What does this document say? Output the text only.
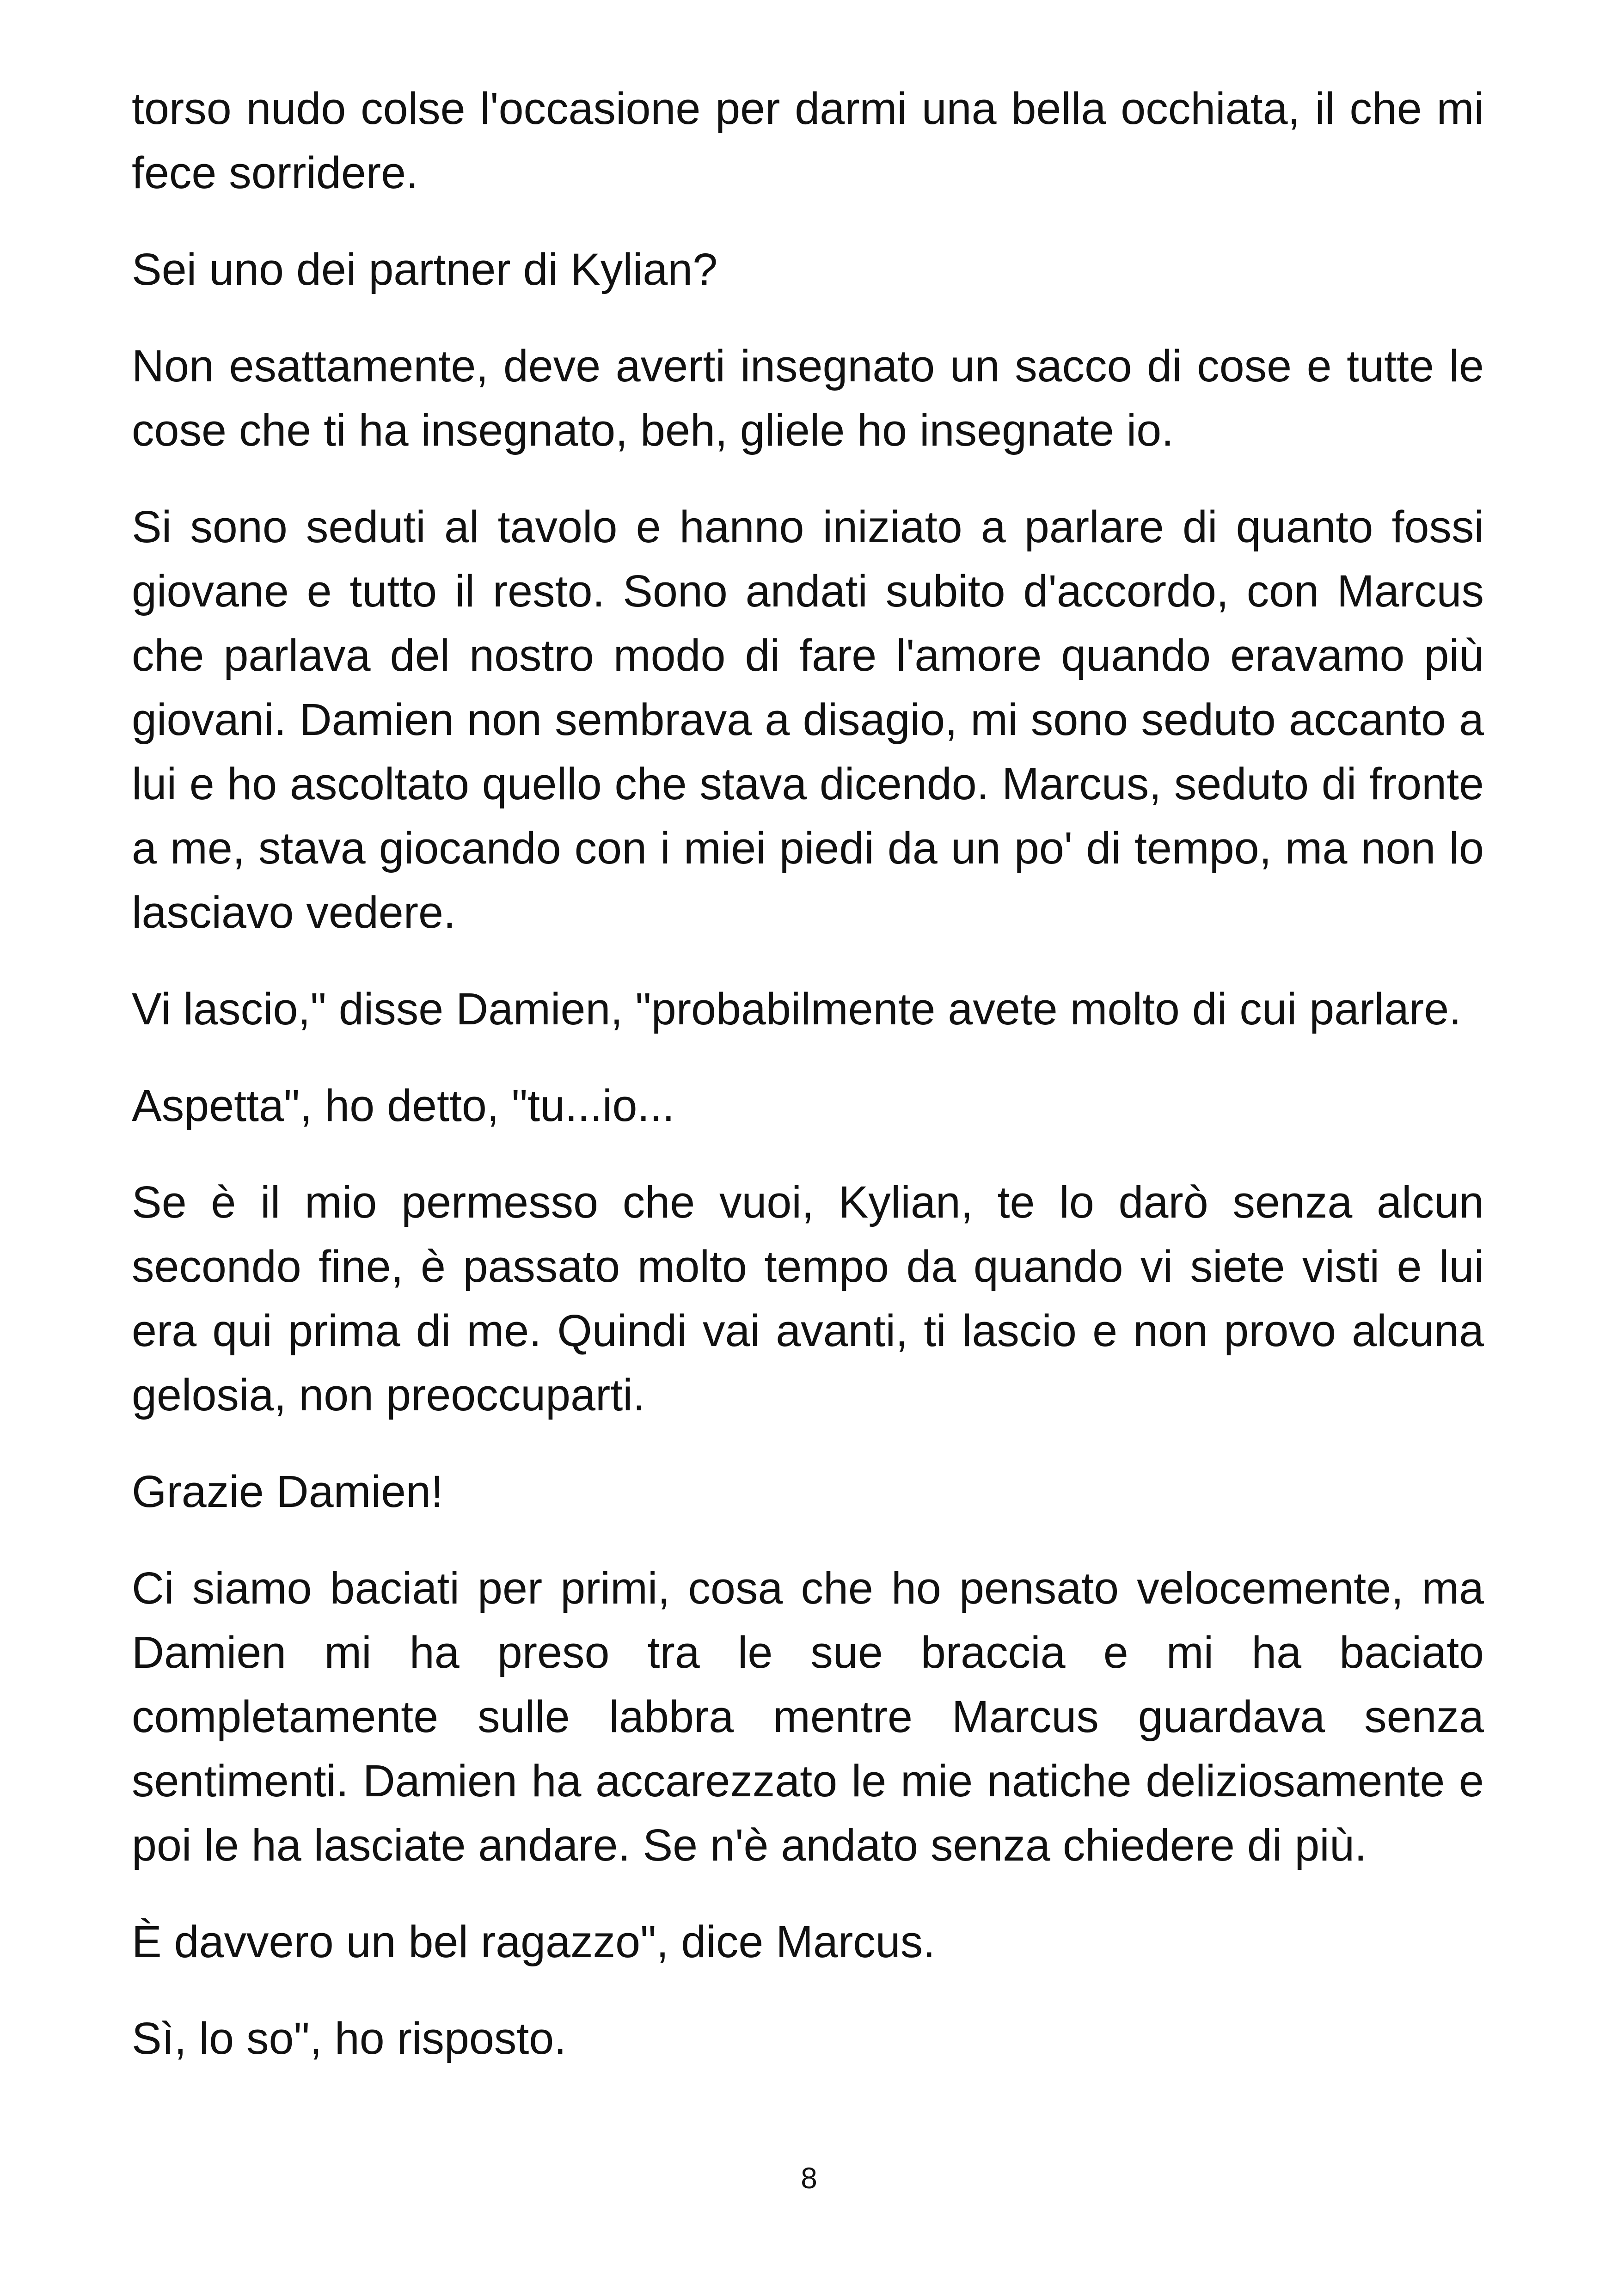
torso nudo colse l'occasione per darmi una bella occhiata, il che mi fece sorridere.

Sei uno dei partner di Kylian?

Non esattamente, deve averti insegnato un sacco di cose e tutte le cose che ti ha insegnato, beh, gliele ho insegnate io.

Si sono seduti al tavolo e hanno iniziato a parlare di quanto fossi giovane e tutto il resto. Sono andati subito d'accordo, con Marcus che parlava del nostro modo di fare l'amore quando eravamo più giovani. Damien non sembrava a disagio, mi sono seduto accanto a lui e ho ascoltato quello che stava dicendo. Marcus, seduto di fronte a me, stava giocando con i miei piedi da un po' di tempo, ma non lo lasciavo vedere.

Vi lascio," disse Damien, "probabilmente avete molto di cui parlare.

Aspetta", ho detto, "tu...io...

Se è il mio permesso che vuoi, Kylian, te lo darò senza alcun secondo fine, è passato molto tempo da quando vi siete visti e lui era qui prima di me. Quindi vai avanti, ti lascio e non provo alcuna gelosia, non preoccuparti.

Grazie Damien!

Ci siamo baciati per primi, cosa che ho pensato velocemente, ma Damien mi ha preso tra le sue braccia e mi ha baciato completamente sulle labbra mentre Marcus guardava senza sentimenti. Damien ha accarezzato le mie natiche deliziosamente e poi le ha lasciate andare. Se n'è andato senza chiedere di più.

È davvero un bel ragazzo", dice Marcus.

Sì, lo so", ho risposto.

8
